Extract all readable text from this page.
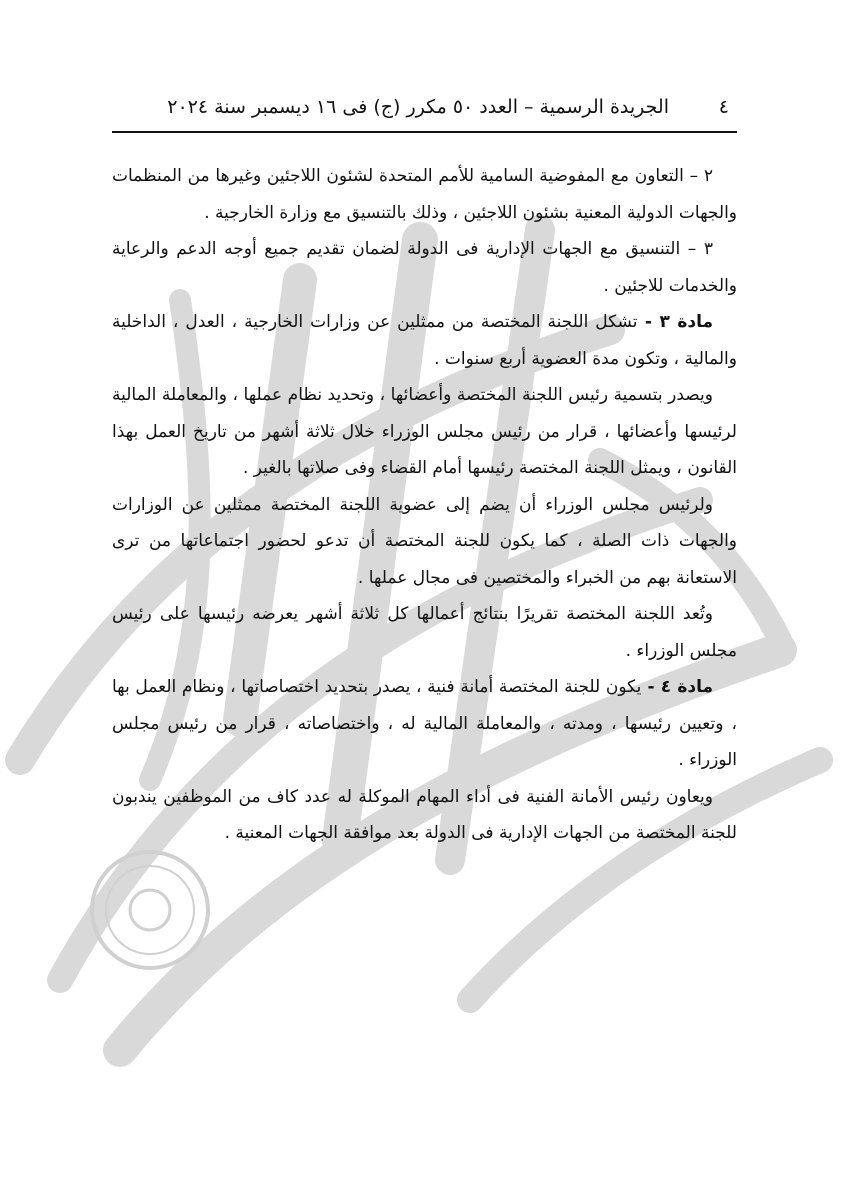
٤
الجريدة الرسمية – العدد ٥٠ مكرر (ج) فى ١٦ ديسمبر سنة ٢٠٢٤

٢ – التعاون مع المفوضية السامية للأمم المتحدة لشئون اللاجئين وغيرها من المنظمات والجهات الدولية المعنية بشئون اللاجئين ، وذلك بالتنسيق مع وزارة الخارجية .

٣ – التنسيق مع الجهات الإدارية فى الدولة لضمان تقديم جميع أوجه الدعم والرعاية والخدمات للاجئين .

مادة ٣ - تشكل اللجنة المختصة من ممثلين عن وزارات الخارجية ، العدل ، الداخلية والمالية ، وتكون مدة العضوية أربع سنوات .

ويصدر بتسمية رئيس اللجنة المختصة وأعضائها ، وتحديد نظام عملها ، والمعاملة المالية لرئيسها وأعضائها ، قرار من رئيس مجلس الوزراء خلال ثلاثة أشهر من تاريخ العمل بهذا القانون ، ويمثل اللجنة المختصة رئيسها أمام القضاء وفى صلاتها بالغير .

ولرئيس مجلس الوزراء أن يضم إلى عضوية اللجنة المختصة ممثلين عن الوزارات والجهات ذات الصلة ، كما يكون للجنة المختصة أن تدعو لحضور اجتماعاتها من ترى الاستعانة بهم من الخبراء والمختصين فى مجال عملها .

وتُعد اللجنة المختصة تقريرًا بنتائج أعمالها كل ثلاثة أشهر يعرضه رئيسها على رئيس مجلس الوزراء .

مادة ٤ - يكون للجنة المختصة أمانة فنية ، يصدر بتحديد اختصاصاتها ، ونظام العمل بها ، وتعيين رئيسها ، ومدته ، والمعاملة المالية له ، واختصاصاته ، قرار من رئيس مجلس الوزراء .

ويعاون رئيس الأمانة الفنية فى أداء المهام الموكلة له عدد كاف من الموظفين يندبون للجنة المختصة من الجهات الإدارية فى الدولة بعد موافقة الجهات المعنية .
